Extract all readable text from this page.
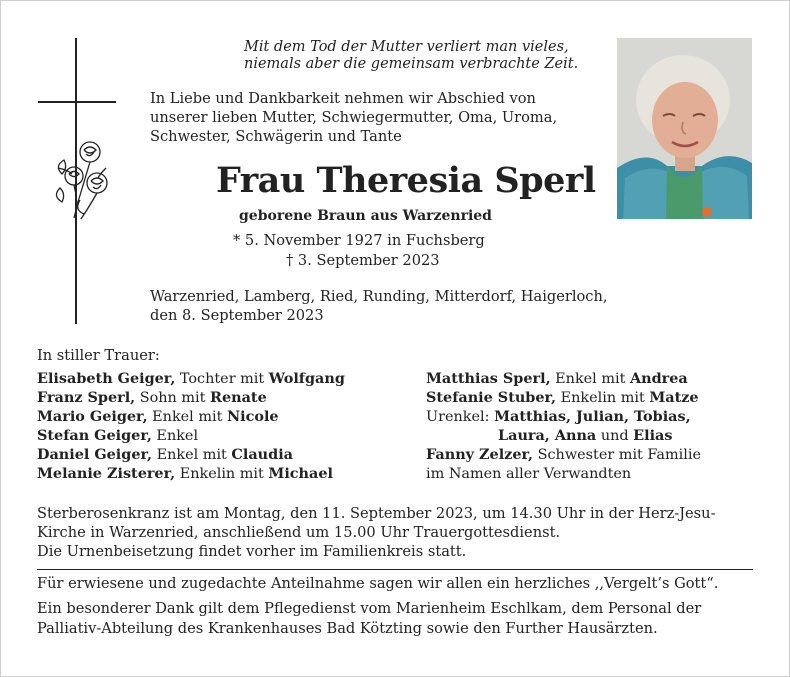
Mit dem Tod der Mutter verliert man vieles,
niemals aber die gemeinsam verbrachte Zeit.
In Liebe und Dankbarkeit nehmen wir Abschied von
unserer lieben Mutter, Schwiegermutter, Oma, Uroma,
Schwester, Schwägerin und Tante
Frau Theresia Sperl
geborene Braun aus Warzenried
* 5. November 1927 in Fuchsberg
† 3. September 2023
Warzenried, Lamberg, Ried, Runding, Mitterdorf, Haigerloch,
den 8. September 2023
In stiller Trauer:
Elisabeth Geiger, Tochter mit Wolfgang
Franz Sperl, Sohn mit Renate
Mario Geiger, Enkel mit Nicole
Stefan Geiger, Enkel
Daniel Geiger, Enkel mit Claudia
Melanie Zisterer, Enkelin mit Michael
Matthias Sperl, Enkel mit Andrea
Stefanie Stuber, Enkelin mit Matze
Urenkel: Matthias, Julian, Tobias,
Laura, Anna und Elias
Fanny Zelzer, Schwester mit Familie
im Namen aller Verwandten
Sterberosenkranz ist am Montag, den 11. September 2023, um 14.30 Uhr in der Herz-Jesu-
Kirche in Warzenried, anschließend um 15.00 Uhr Trauergottesdienst.
Die Urnenbeisetzung findet vorher im Familienkreis statt.
Für erwiesene und zugedachte Anteilnahme sagen wir allen ein herzliches ,,Vergelt’s Gott“.
Ein besonderer Dank gilt dem Pflegedienst vom Marienheim Eschlkam, dem Personal der
Palliativ-Abteilung des Krankenhauses Bad Kötzting sowie den Further Hausärzten.
